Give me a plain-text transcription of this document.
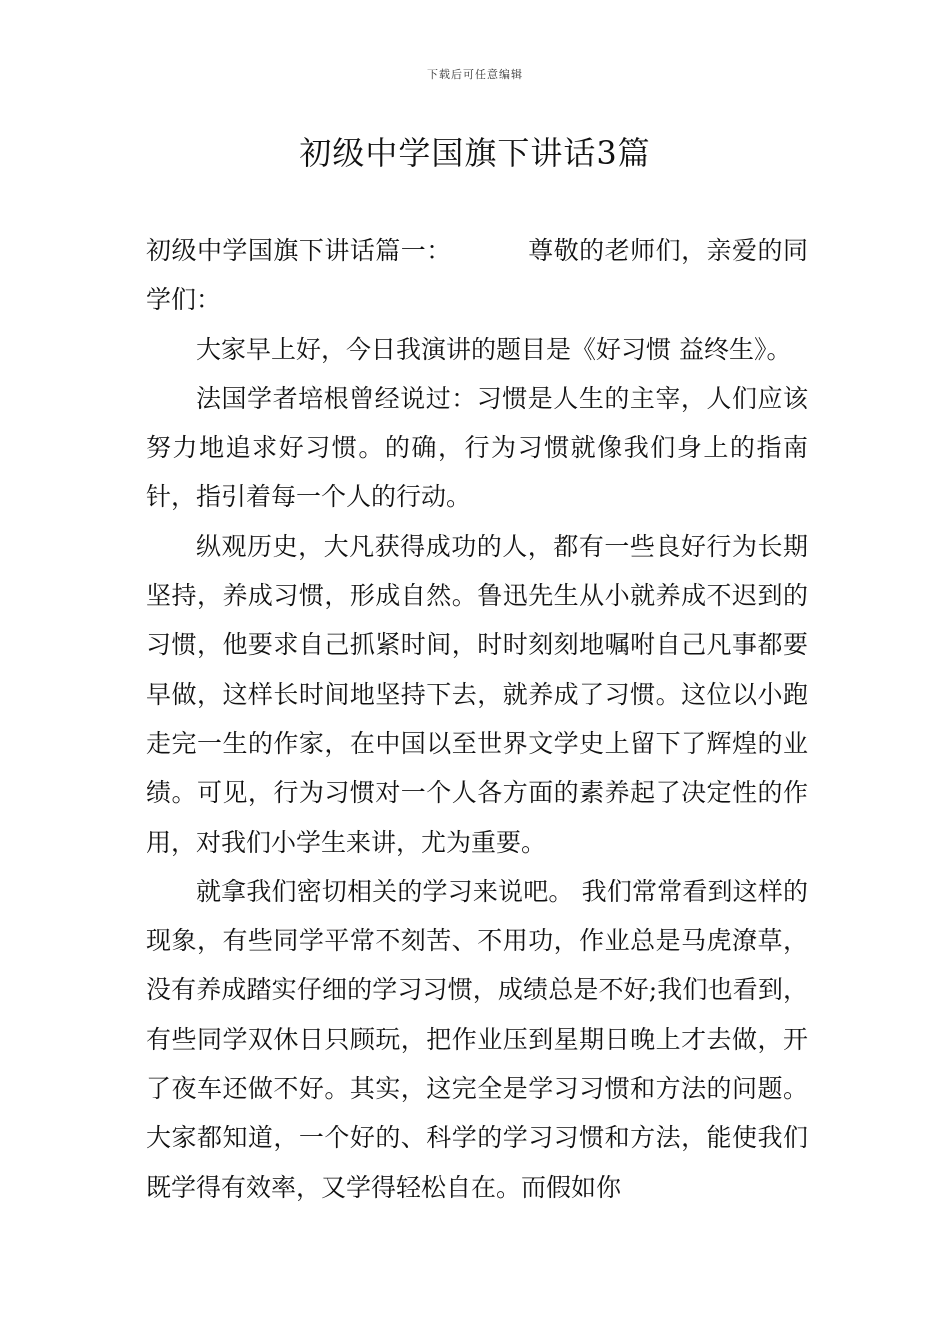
下载后可任意编辑
初级中学国旗下讲话3篇

初级中学国旗下讲话篇一：	尊敬的老师们，亲爱的同学们：

大家早上好，今日我演讲的题目是《好习惯 益终生》。

法国学者培根曾经说过：习惯是人生的主宰，人们应该努力地追求好习惯。的确，行为习惯就像我们身上的指南针，指引着每一个人的行动。

纵观历史，大凡获得成功的人，都有一些良好行为长期坚持，养成习惯，形成自然。鲁迅先生从小就养成不迟到的习惯，他要求自己抓紧时间，时时刻刻地嘱咐自己凡事都要早做，这样长时间地坚持下去，就养成了习惯。这位以小跑走完一生的作家，在中国以至世界文学史上留下了辉煌的业绩。可见，行为习惯对一个人各方面的素养起了决定性的作用，对我们小学生来讲，尤为重要。

就拿我们密切相关的学习来说吧。 我们常常看到这样的现象，有些同学平常不刻苦、不用功，作业总是马虎潦草，没有养成踏实仔细的学习习惯，成绩总是不好;我们也看到，有些同学双休日只顾玩，把作业压到星期日晚上才去做，开了夜车还做不好。其实，这完全是学习习惯和方法的问题。大家都知道，一个好的、科学的学习习惯和方法，能使我们既学得有效率，又学得轻松自在。而假如你
